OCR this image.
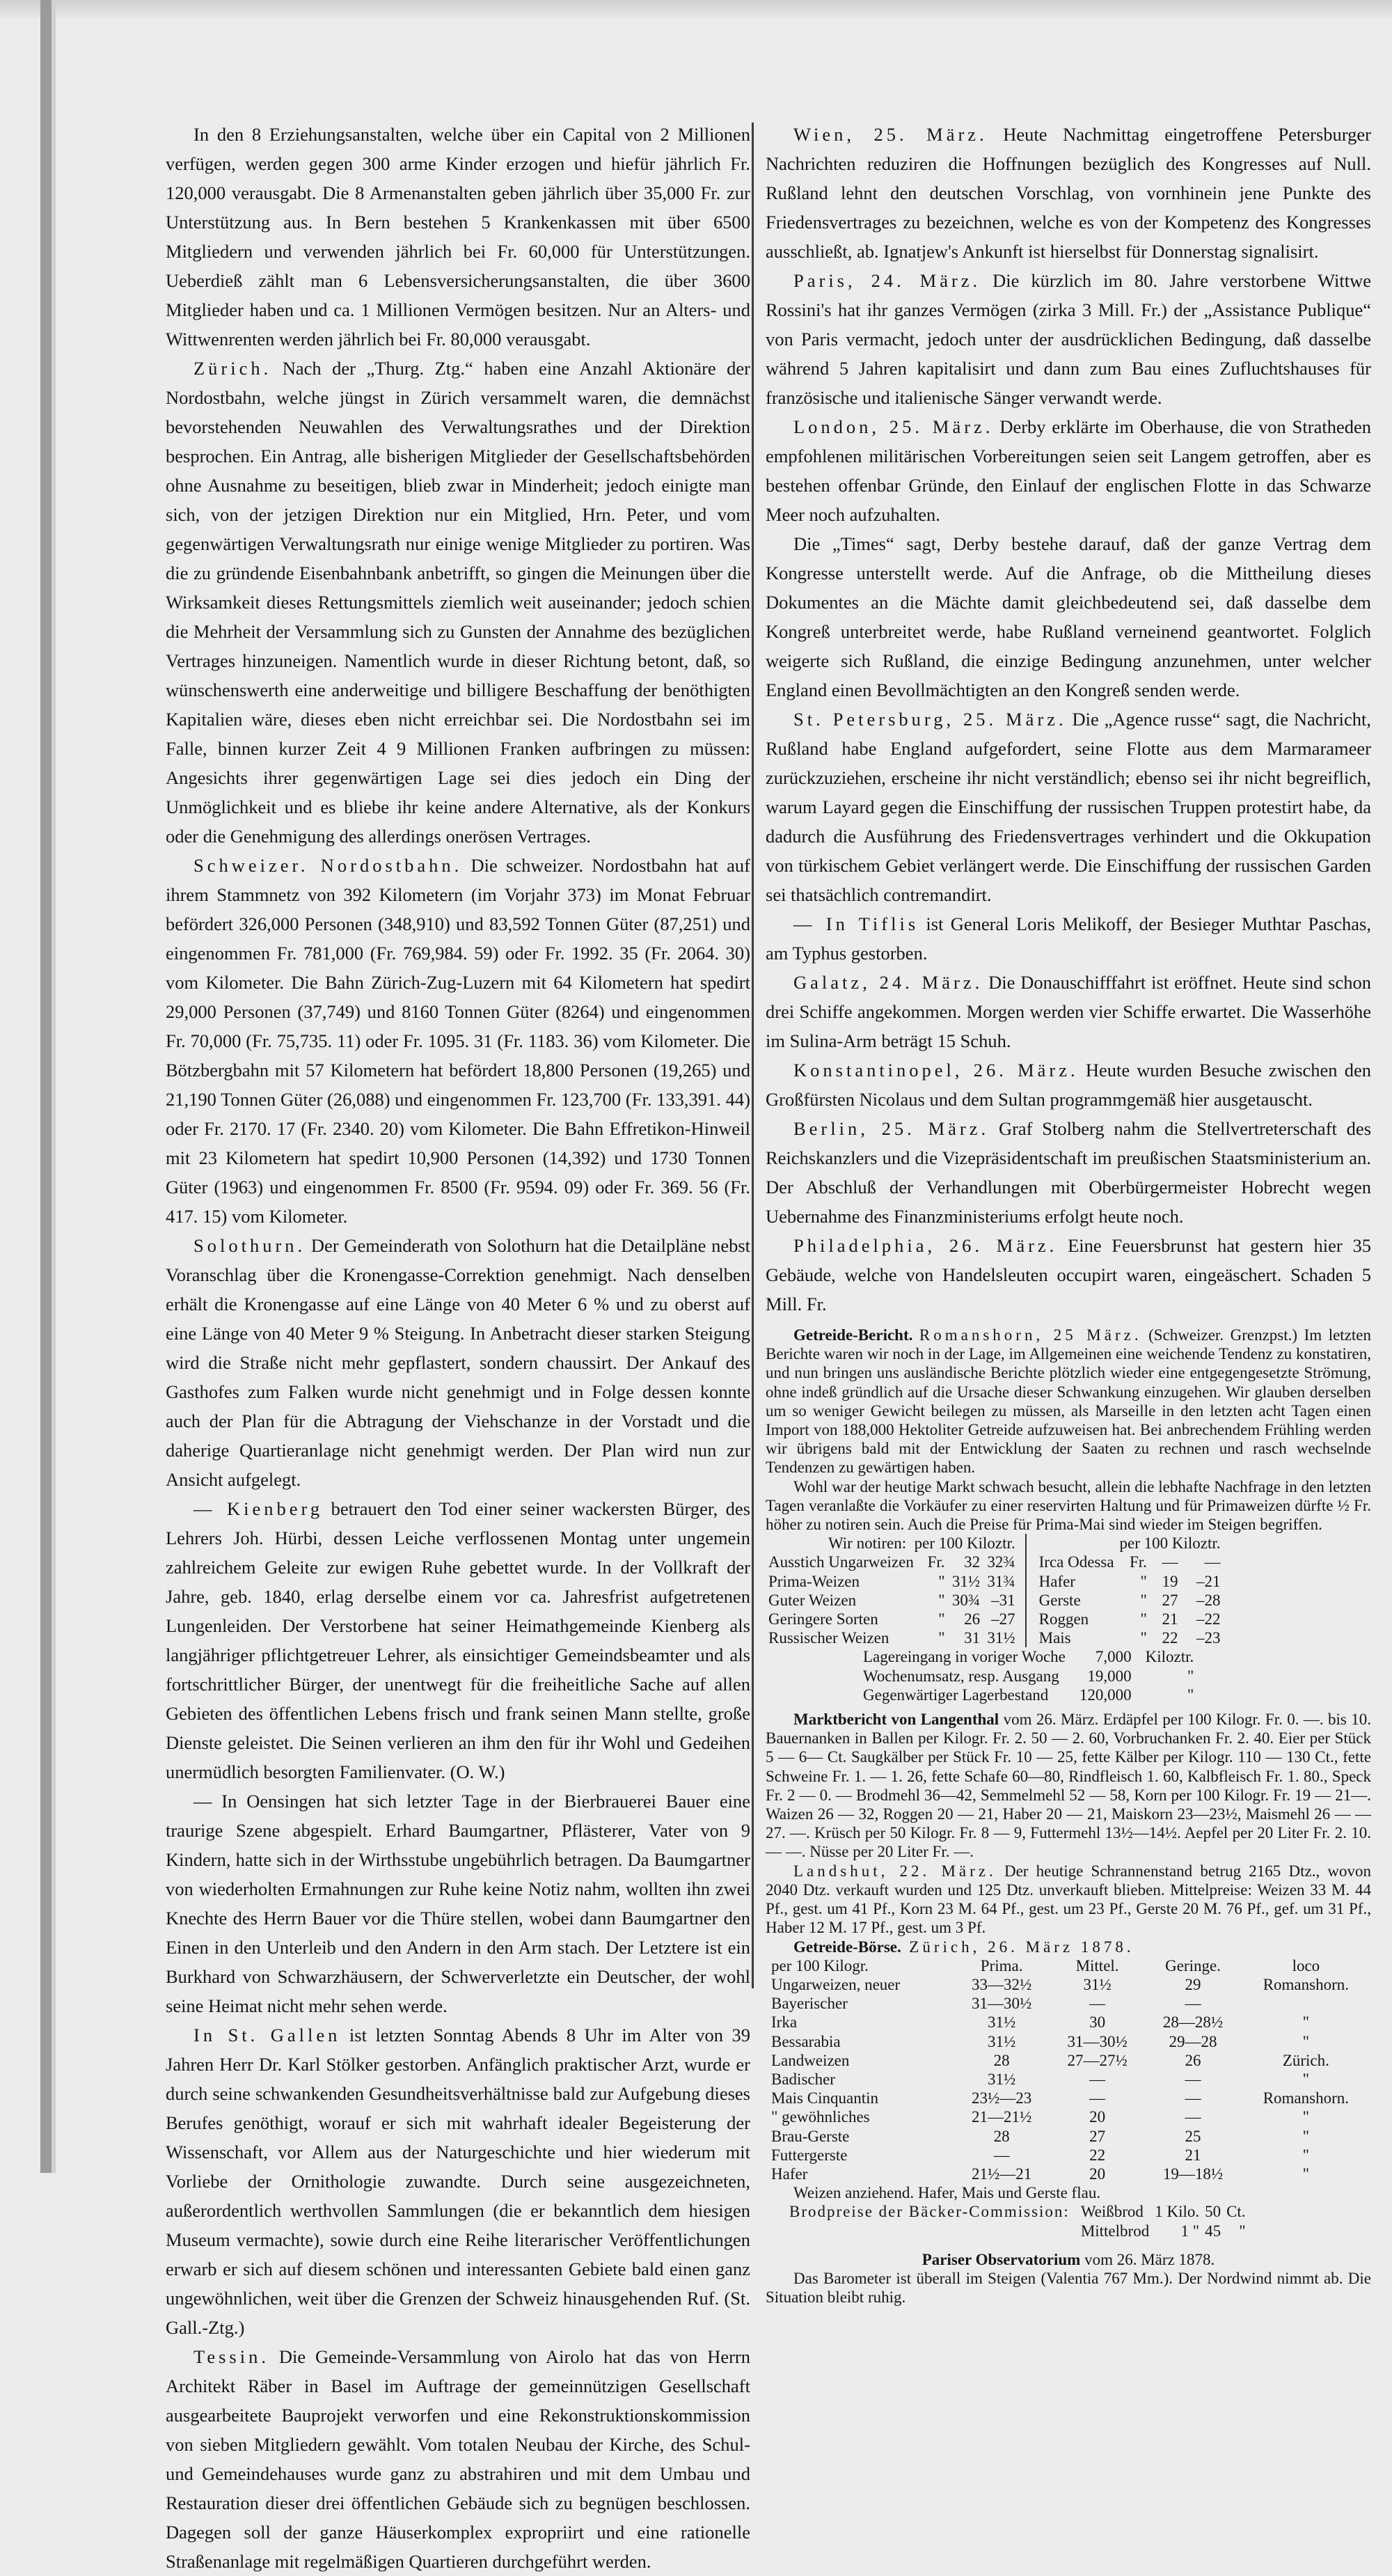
In den 8 Erziehungsanstalten, welche über ein Capital von 2 Millionen verfügen, werden gegen 300 arme Kinder erzogen und hiefür jährlich Fr. 120,000 verausgabt. Die 8 Armenanstalten geben jährlich über 35,000 Fr. zur Unterstützung aus. In Bern bestehen 5 Krankenkassen mit über 6500 Mitgliedern und verwenden jährlich bei Fr. 60,000 für Unterstützungen. Ueberdieß zählt man 6 Lebensversicherungsanstalten, die über 3600 Mitglieder haben und ca. 1 Millionen Vermögen besitzen. Nur an Alters- und Wittwenrenten werden jährlich bei Fr. 80,000 verausgabt.

Zürich. Nach der „Thurg. Ztg.“ haben eine Anzahl Aktionäre der Nordostbahn, welche jüngst in Zürich versammelt waren, die demnächst bevorstehenden Neuwahlen des Verwaltungsrathes und der Direktion besprochen. Ein Antrag, alle bisherigen Mitglieder der Gesellschaftsbehörden ohne Ausnahme zu beseitigen, blieb zwar in Minderheit; jedoch einigte man sich, von der jetzigen Direktion nur ein Mitglied, Hrn. Peter, und vom gegenwärtigen Verwaltungsrath nur einige wenige Mitglieder zu portiren. Was die zu gründende Eisenbahnbank anbetrifft, so gingen die Meinungen über die Wirksamkeit dieses Rettungsmittels ziemlich weit auseinander; jedoch schien die Mehrheit der Versammlung sich zu Gunsten der Annahme des bezüglichen Vertrages hinzuneigen. Namentlich wurde in dieser Richtung betont, daß, so wünschenswerth eine anderweitige und billigere Beschaffung der benöthigten Kapitalien wäre, dieses eben nicht erreichbar sei. Die Nordostbahn sei im Falle, binnen kurzer Zeit 4 9 Millionen Franken aufbringen zu müssen: Angesichts ihrer gegenwärtigen Lage sei dies jedoch ein Ding der Unmöglichkeit und es bliebe ihr keine andere Alternative, als der Konkurs oder die Genehmigung des allerdings onerösen Vertrages.

Schweizer. Nordostbahn. Die schweizer. Nordostbahn hat auf ihrem Stammnetz von 392 Kilometern (im Vorjahr 373) im Monat Februar befördert 326,000 Personen (348,910) und 83,592 Tonnen Güter (87,251) und eingenommen Fr. 781,000 (Fr. 769,984. 59) oder Fr. 1992. 35 (Fr. 2064. 30) vom Kilometer. Die Bahn Zürich-Zug-Luzern mit 64 Kilometern hat spedirt 29,000 Personen (37,749) und 8160 Tonnen Güter (8264) und eingenommen Fr. 70,000 (Fr. 75,735. 11) oder Fr. 1095. 31 (Fr. 1183. 36) vom Kilometer. Die Bötzbergbahn mit 57 Kilometern hat befördert 18,800 Personen (19,265) und 21,190 Tonnen Güter (26,088) und eingenommen Fr. 123,700 (Fr. 133,391. 44) oder Fr. 2170. 17 (Fr. 2340. 20) vom Kilometer. Die Bahn Effretikon-Hinweil mit 23 Kilometern hat spedirt 10,900 Personen (14,392) und 1730 Tonnen Güter (1963) und eingenommen Fr. 8500 (Fr. 9594. 09) oder Fr. 369. 56 (Fr. 417. 15) vom Kilometer.

Solothurn. Der Gemeinderath von Solothurn hat die Detailpläne nebst Voranschlag über die Kronengasse-Correktion genehmigt. Nach denselben erhält die Kronengasse auf eine Länge von 40 Meter 6 % und zu oberst auf eine Länge von 40 Meter 9 % Steigung. In Anbetracht dieser starken Steigung wird die Straße nicht mehr gepflastert, sondern chaussirt. Der Ankauf des Gasthofes zum Falken wurde nicht genehmigt und in Folge dessen konnte auch der Plan für die Abtragung der Viehschanze in der Vorstadt und die daherige Quartieranlage nicht genehmigt werden. Der Plan wird nun zur Ansicht aufgelegt.

— Kienberg betrauert den Tod einer seiner wackersten Bürger, des Lehrers Joh. Hürbi, dessen Leiche verflossenen Montag unter ungemein zahlreichem Geleite zur ewigen Ruhe gebettet wurde. In der Vollkraft der Jahre, geb. 1840, erlag derselbe einem vor ca. Jahresfrist aufgetretenen Lungenleiden. Der Verstorbene hat seiner Heimathgemeinde Kienberg als langjähriger pflichtgetreuer Lehrer, als einsichtiger Gemeindsbeamter und als fortschrittlicher Bürger, der unentwegt für die freiheitliche Sache auf allen Gebieten des öffentlichen Lebens frisch und frank seinen Mann stellte, große Dienste geleistet. Die Seinen verlieren an ihm den für ihr Wohl und Gedeihen unermüdlich besorgten Familienvater. (O. W.)

— In Oensingen hat sich letzter Tage in der Bierbrauerei Bauer eine traurige Szene abgespielt. Erhard Baumgartner, Pflästerer, Vater von 9 Kindern, hatte sich in der Wirthsstube ungebührlich betragen. Da Baumgartner von wiederholten Ermahnungen zur Ruhe keine Notiz nahm, wollten ihn zwei Knechte des Herrn Bauer vor die Thüre stellen, wobei dann Baumgartner den Einen in den Unterleib und den Andern in den Arm stach. Der Letztere ist ein Burkhard von Schwarzhäusern, der Schwerverletzte ein Deutscher, der wohl seine Heimat nicht mehr sehen werde.

In St. Gallen ist letzten Sonntag Abends 8 Uhr im Alter von 39 Jahren Herr Dr. Karl Stölker gestorben. Anfänglich praktischer Arzt, wurde er durch seine schwankenden Gesundheitsverhältnisse bald zur Aufgebung dieses Berufes genöthigt, worauf er sich mit wahrhaft idealer Begeisterung der Wissenschaft, vor Allem aus der Naturgeschichte und hier wiederum mit Vorliebe der Ornithologie zuwandte. Durch seine ausgezeichneten, außerordentlich werthvollen Sammlungen (die er bekanntlich dem hiesigen Museum vermachte), sowie durch eine Reihe literarischer Veröffentlichungen erwarb er sich auf diesem schönen und interessanten Gebiete bald einen ganz ungewöhnlichen, weit über die Grenzen der Schweiz hinausgehenden Ruf. (St. Gall.-Ztg.)

Tessin. Die Gemeinde-Versammlung von Airolo hat das von Herrn Architekt Räber in Basel im Auftrage der gemeinnützigen Gesellschaft ausgearbeitete Bauprojekt verworfen und eine Rekonstruktionskommission von sieben Mitgliedern gewählt. Vom totalen Neubau der Kirche, des Schul- und Gemeindehauses wurde ganz zu abstrahiren und mit dem Umbau und Restauration dieser drei öffentlichen Gebäude sich zu begnügen beschlossen. Dagegen soll der ganze Häuserkomplex expropriirt und eine rationelle Straßenanlage mit regelmäßigen Quartieren durchgeführt werden.

Wien, 25. März. Heute Nachmittag eingetroffene Petersburger Nachrichten reduziren die Hoffnungen bezüglich des Kongresses auf Null. Rußland lehnt den deutschen Vorschlag, von vornhinein jene Punkte des Friedensvertrages zu bezeichnen, welche es von der Kompetenz des Kongresses ausschließt, ab. Ignatjew's Ankunft ist hierselbst für Donnerstag signalisirt.

Paris, 24. März. Die kürzlich im 80. Jahre verstorbene Wittwe Rossini's hat ihr ganzes Vermögen (zirka 3 Mill. Fr.) der „Assistance Publique“ von Paris vermacht, jedoch unter der ausdrücklichen Bedingung, daß dasselbe während 5 Jahren kapitalisirt und dann zum Bau eines Zufluchtshauses für französische und italienische Sänger verwandt werde.

London, 25. März. Derby erklärte im Oberhause, die von Stratheden empfohlenen militärischen Vorbereitungen seien seit Langem getroffen, aber es bestehen offenbar Gründe, den Einlauf der englischen Flotte in das Schwarze Meer noch aufzuhalten.

Die „Times“ sagt, Derby bestehe darauf, daß der ganze Vertrag dem Kongresse unterstellt werde. Auf die Anfrage, ob die Mittheilung dieses Dokumentes an die Mächte damit gleichbedeutend sei, daß dasselbe dem Kongreß unterbreitet werde, habe Rußland verneinend geantwortet. Folglich weigerte sich Rußland, die einzige Bedingung anzunehmen, unter welcher England einen Bevollmächtigten an den Kongreß senden werde.

St. Petersburg, 25. März. Die „Agence russe“ sagt, die Nachricht, Rußland habe England aufgefordert, seine Flotte aus dem Marmarameer zurückzuziehen, erscheine ihr nicht verständlich; ebenso sei ihr nicht begreiflich, warum Layard gegen die Einschiffung der russischen Truppen protestirt habe, da dadurch die Ausführung des Friedensvertrages verhindert und die Okkupation von türkischem Gebiet verlängert werde. Die Einschiffung der russischen Garden sei thatsächlich contremandirt.

— In Tiflis ist General Loris Melikoff, der Besieger Muthtar Paschas, am Typhus gestorben.

Galatz, 24. März. Die Donauschifffahrt ist eröffnet. Heute sind schon drei Schiffe angekommen. Morgen werden vier Schiffe erwartet. Die Wasserhöhe im Sulina-Arm beträgt 15 Schuh.

Konstantinopel, 26. März. Heute wurden Besuche zwischen den Großfürsten Nicolaus und dem Sultan programmgemäß hier ausgetauscht.

Berlin, 25. März. Graf Stolberg nahm die Stellvertreterschaft des Reichskanzlers und die Vizepräsidentschaft im preußischen Staatsministerium an. Der Abschluß der Verhandlungen mit Oberbürgermeister Hobrecht wegen Uebernahme des Finanzministeriums erfolgt heute noch.

Philadelphia, 26. März. Eine Feuersbrunst hat gestern hier 35 Gebäude, welche von Handelsleuten occupirt waren, eingeäschert. Schaden 5 Mill. Fr.

Getreide-Bericht. Romanshorn, 25 März. (Schweizer. Grenzpst.) Im letzten Berichte waren wir noch in der Lage, im Allgemeinen eine weichende Tendenz zu konstatiren, und nun bringen uns ausländische Berichte plötzlich wieder eine entgegengesetzte Strömung, ohne indeß gründlich auf die Ursache dieser Schwankung einzugehen. Wir glauben derselben um so weniger Gewicht beilegen zu müssen, als Marseille in den letzten acht Tagen einen Import von 188,000 Hektoliter Getreide aufzuweisen hat. Bei anbrechendem Frühling werden wir übrigens bald mit der Entwicklung der Saaten zu rechnen und rasch wechselnde Tendenzen zu gewärtigen haben.

Wohl war der heutige Markt schwach besucht, allein die lebhafte Nachfrage in den letzten Tagen veranlaßte die Vorkäufer zu einer reservirten Haltung und für Primaweizen dürfte ½ Fr. höher zu notiren sein. Auch die Preise für Prima-Mai sind wieder im Steigen begriffen.

Wir notiren: per 100 Kiloztr.			
Ausstich Ungarweizen	Fr.	32	32¾
Prima-Weizen	"	31½	31¾
Guter Weizen	"	30¾	–31
Geringere Sorten	"	26	–27
Russischer Weizen	"	31	31½
	per 100 Kiloztr.		
Irca Odessa	Fr.	—	—
Hafer	"	19	–21
Gerste	"	27	–28
Roggen	"	21	–22
Mais	"	22	–23
Lagereingang in voriger Woche	7,000	Kiloztr.
Wochenumsatz, resp. Ausgang	19,000	"
Gegenwärtiger Lagerbestand	120,000	"

Marktbericht von Langenthal vom 26. März. Erdäpfel per 100 Kilogr. Fr. 0. —. bis 10. Bauernanken in Ballen per Kilogr. Fr. 2. 50 — 2. 60, Vorbruchanken Fr. 2. 40. Eier per Stück 5 — 6— Ct. Saugkälber per Stück Fr. 10 — 25, fette Kälber per Kilogr. 110 — 130 Ct., fette Schweine Fr. 1. — 1. 26, fette Schafe 60—80, Rindfleisch 1. 60, Kalbfleisch Fr. 1. 80., Speck Fr. 2 — 0. — Brodmehl 36—42, Semmelmehl 52 — 58, Korn per 100 Kilogr. Fr. 19 — 21—. Waizen 26 — 32, Roggen 20 — 21, Haber 20 — 21, Maiskorn 23—23½, Maismehl 26 — — 27. —. Krüsch per 50 Kilogr. Fr. 8 — 9, Futtermehl 13½—14½. Aepfel per 20 Liter Fr. 2. 10. — —. Nüsse per 20 Liter Fr. —.

Landshut, 22. März. Der heutige Schrannenstand betrug 2165 Dtz., wovon 2040 Dtz. verkauft wurden und 125 Dtz. unverkauft blieben. Mittelpreise: Weizen 33 M. 44 Pf., gest. um 41 Pf., Korn 23 M. 64 Pf., gest. um 23 Pf., Gerste 20 M. 76 Pf., gef. um 31 Pf., Haber 12 M. 17 Pf., gest. um 3 Pf.

Getreide-Börse. Zürich, 26. März 1878.

per 100 Kilogr.	Prima.	Mittel.	Geringe.	loco
Ungarweizen, neuer	33—32½	31½	29	Romanshorn.
Bayerischer	31—30½	—	—	
Irka	31½	30	28—28½	"
Bessarabia	31½	31—30½	29—28	"
Landweizen	28	27—27½	26	Zürich.
Badischer	31½	—	—	"
Mais Cinquantin	23½—23	—	—	Romanshorn.
" gewöhnliches	21—21½	20	—	"
Brau-Gerste	28	27	25	"
Futtergerste	—	22	21	"
Hafer	21½—21	20	19—18½	"

Weizen anziehend. Hafer, Mais und Gerste flau.

Brodpreise der Bäcker-Commission: Weißbrod	1 Kilo.	50	Ct.
Mittelbrod	1 "	45	"
Pariser Observatorium vom 26. März 1878.

Das Barometer ist überall im Steigen (Valentia 767 Mm.). Der Nordwind nimmt ab. Die Situation bleibt ruhig.
